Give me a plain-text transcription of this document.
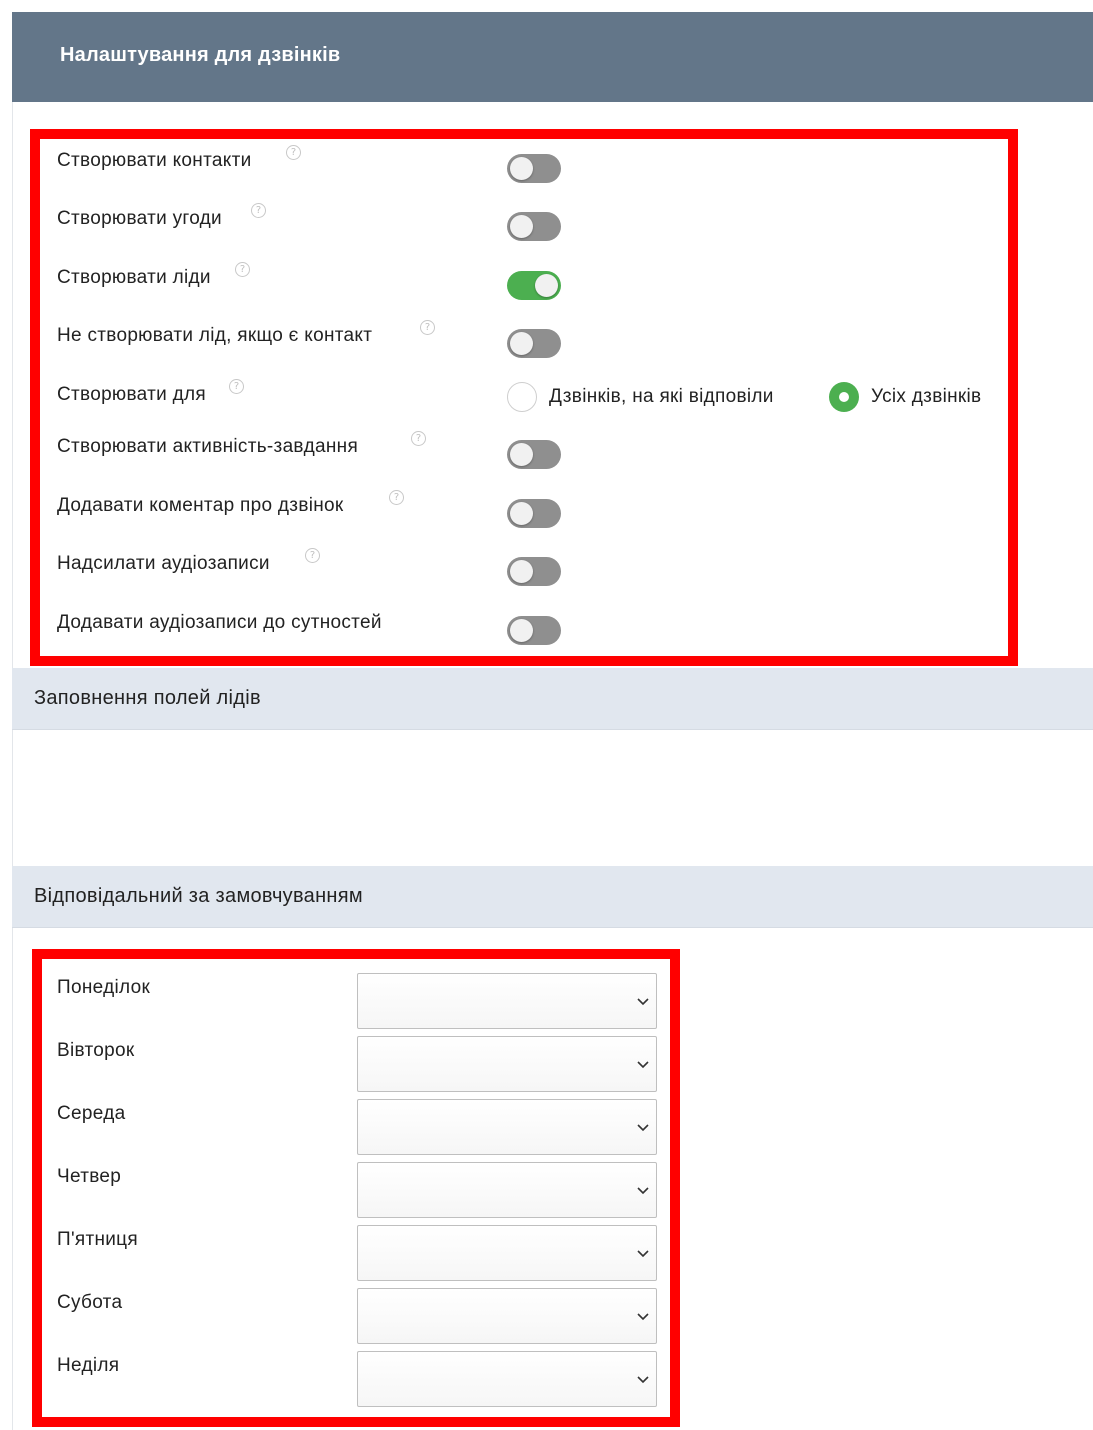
Налаштування для дзвінків
Створювати контакти	?
Створювати угоди	?
Створювати ліди	?
Не створювати лід, якщо є контакт	?
Створювати для	?	Дзвінків, на які відповіли	Усіх дзвінків
Створювати активність-завдання	?
Додавати коментар про дзвінок	?
Надсилати аудіозаписи	?
Додавати аудіозаписи до сутностей
Заповнення полей лідів
Відповідальний за замовчуванням
Понеділок
Вівторок
Середа
Четвер
П'ятниця
Субота
Неділя
